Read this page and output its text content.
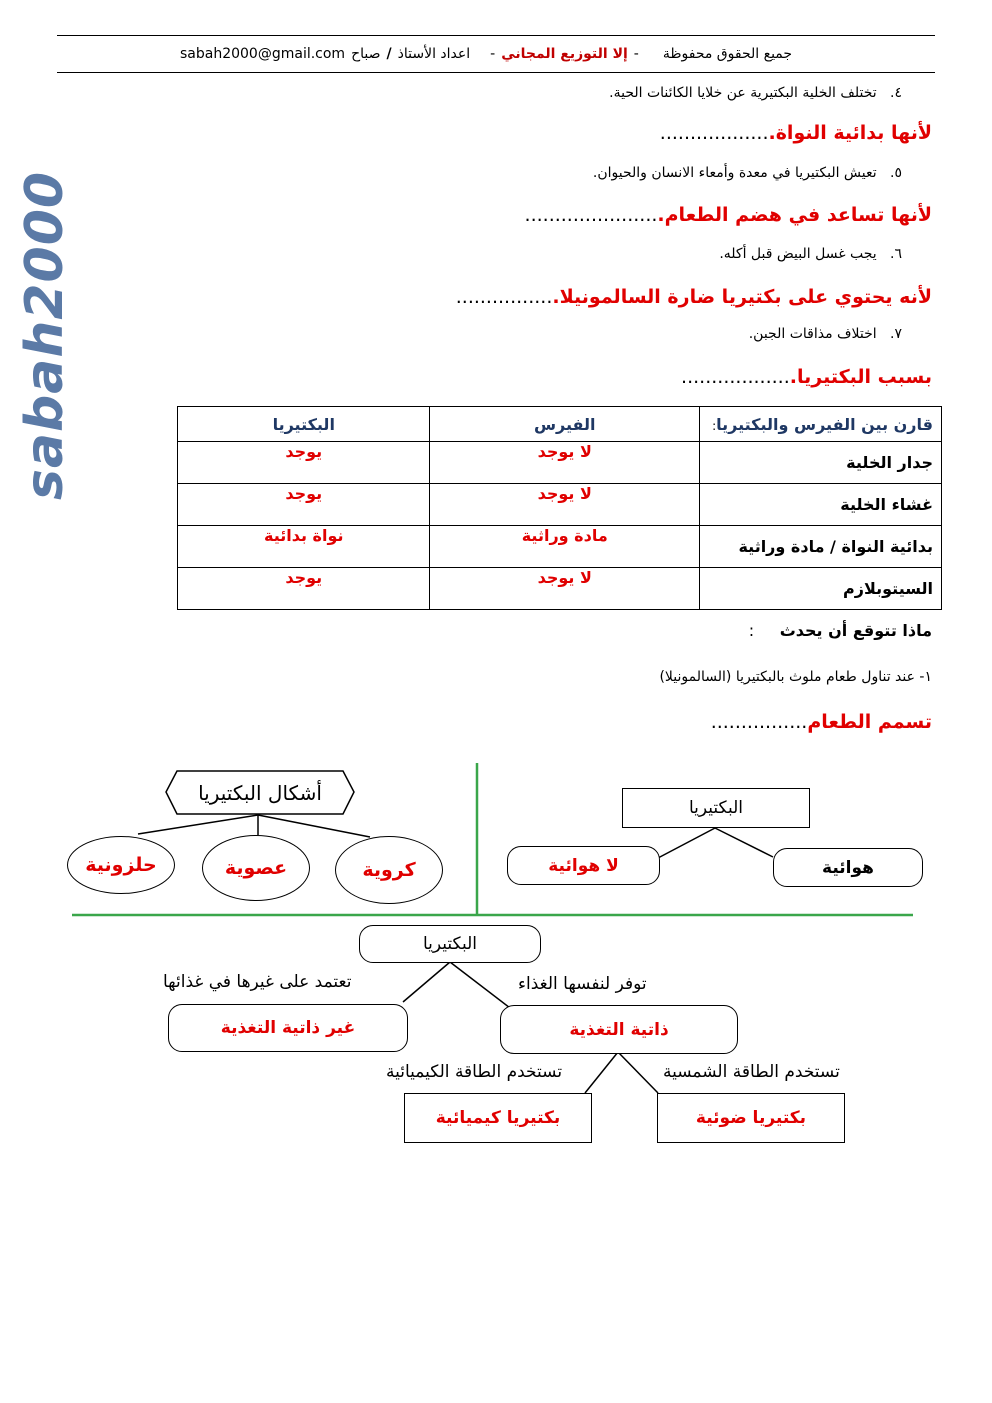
sabah2000
جميع الحقوق محفوظة
-
إلا التوزيع المجاني
-
اعداد الأستاذ
/
صباح
sabah2000@gmail.com
٤.   تختلف الخلية البكتيرية عن خلايا الكائنات الحية.
لأنها بدائية النواة...................
٥.   تعيش البكتيريا في معدة وأمعاء الانسان والحيوان.
لأنها تساعد في هضم الطعام.......................
٦.   يجب غسل البيض قبل أكله.
لأنه يحتوي على بكتيريا ضارة السالمونيلا.................
٧.   اختلاف مذاقات الجبن.
بسبب البكتيريا...................
قارن بين الفيرس والبكتيريا:	الفيرس	البكتيريا
جدار الخلية	لا يوجد	يوجد
غشاء الخلية	لا يوجد	يوجد
بدائية النواة / مادة وراثية	مادة وراثية	نواة بدائية
السيتوبلازم	لا يوجد	يوجد
ماذا تتوقع أن يحدث :
١- عند تناول طعام ملوث بالبكتيريا (السالمونيلا)
تسمم الطعام................
أشكال البكتيريا
حلزونية	عصوية	كروية
البكتيريا
لا هوائية	هوائية
البكتيريا
توفر لنفسها الغذاء
تعتمد على غيرها في غذائها
ذاتية التغذية
غير ذاتية التغذية
تستخدم الطاقة الشمسية
تستخدم الطاقة الكيميائية
بكتيريا ضوئية
بكتيريا كيميائية
